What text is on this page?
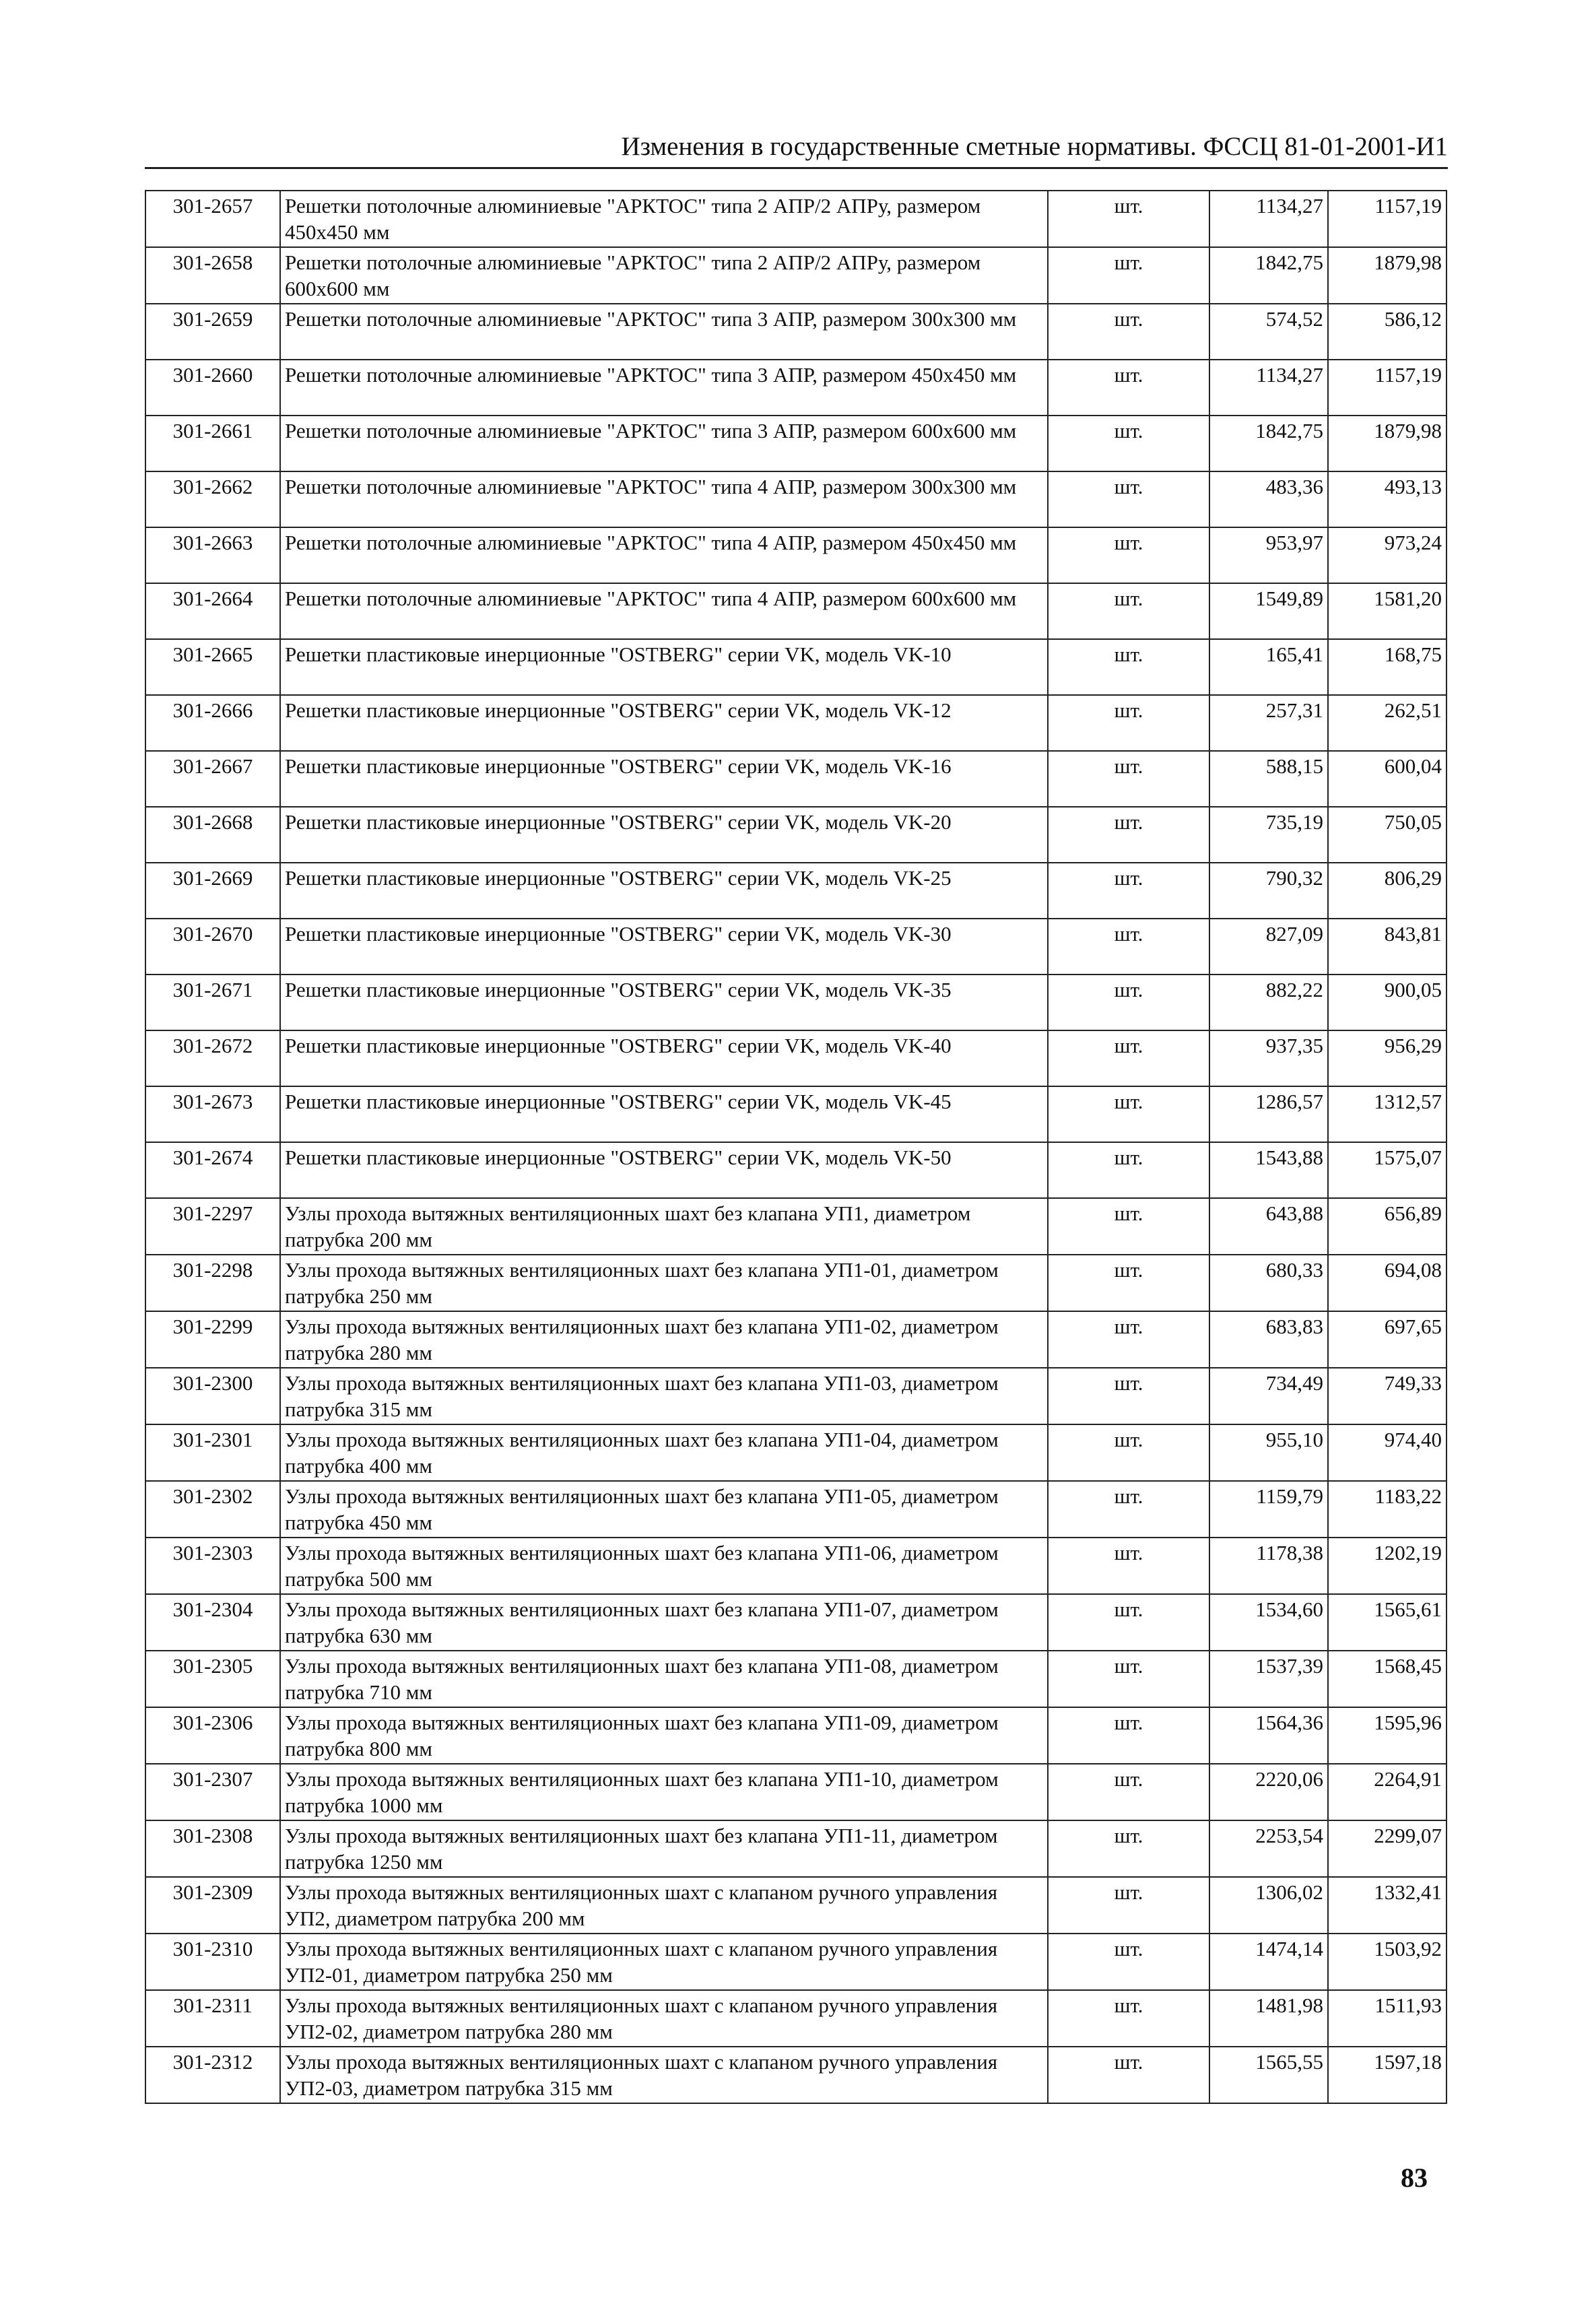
Изменения в государственные сметные нормативы. ФССЦ 81-01-2001-И1
301-2657	Решетки потолочные алюминиевые "АРКТОС" типа 2 АПР/2 АПРу, размером 450х450 мм	шт.	1134,27	1157,19
301-2658	Решетки потолочные алюминиевые "АРКТОС" типа 2 АПР/2 АПРу, размером 600х600 мм	шт.	1842,75	1879,98
301-2659	Решетки потолочные алюминиевые "АРКТОС" типа 3 АПР, размером 300х300 мм	шт.	574,52	586,12
301-2660	Решетки потолочные алюминиевые "АРКТОС" типа 3 АПР, размером 450х450 мм	шт.	1134,27	1157,19
301-2661	Решетки потолочные алюминиевые "АРКТОС" типа 3 АПР, размером 600х600 мм	шт.	1842,75	1879,98
301-2662	Решетки потолочные алюминиевые "АРКТОС" типа 4 АПР, размером 300х300 мм	шт.	483,36	493,13
301-2663	Решетки потолочные алюминиевые "АРКТОС" типа 4 АПР, размером 450х450 мм	шт.	953,97	973,24
301-2664	Решетки потолочные алюминиевые "АРКТОС" типа 4 АПР, размером 600х600 мм	шт.	1549,89	1581,20
301-2665	Решетки пластиковые инерционные "OSTBERG" серии VK, модель VK-10	шт.	165,41	168,75
301-2666	Решетки пластиковые инерционные "OSTBERG" серии VK, модель VK-12	шт.	257,31	262,51
301-2667	Решетки пластиковые инерционные "OSTBERG" серии VK, модель VK-16	шт.	588,15	600,04
301-2668	Решетки пластиковые инерционные "OSTBERG" серии VK, модель VK-20	шт.	735,19	750,05
301-2669	Решетки пластиковые инерционные "OSTBERG" серии VK, модель VK-25	шт.	790,32	806,29
301-2670	Решетки пластиковые инерционные "OSTBERG" серии VK, модель VK-30	шт.	827,09	843,81
301-2671	Решетки пластиковые инерционные "OSTBERG" серии VK, модель VK-35	шт.	882,22	900,05
301-2672	Решетки пластиковые инерционные "OSTBERG" серии VK, модель VK-40	шт.	937,35	956,29
301-2673	Решетки пластиковые инерционные "OSTBERG" серии VK, модель VK-45	шт.	1286,57	1312,57
301-2674	Решетки пластиковые инерционные "OSTBERG" серии VK, модель VK-50	шт.	1543,88	1575,07
301-2297	Узлы прохода вытяжных вентиляционных шахт без клапана УП1, диаметром патрубка 200 мм	шт.	643,88	656,89
301-2298	Узлы прохода вытяжных вентиляционных шахт без клапана УП1-01, диаметром патрубка 250 мм	шт.	680,33	694,08
301-2299	Узлы прохода вытяжных вентиляционных шахт без клапана УП1-02, диаметром патрубка 280 мм	шт.	683,83	697,65
301-2300	Узлы прохода вытяжных вентиляционных шахт без клапана УП1-03, диаметром патрубка 315 мм	шт.	734,49	749,33
301-2301	Узлы прохода вытяжных вентиляционных шахт без клапана УП1-04, диаметром патрубка 400 мм	шт.	955,10	974,40
301-2302	Узлы прохода вытяжных вентиляционных шахт без клапана УП1-05, диаметром патрубка 450 мм	шт.	1159,79	1183,22
301-2303	Узлы прохода вытяжных вентиляционных шахт без клапана УП1-06, диаметром патрубка 500 мм	шт.	1178,38	1202,19
301-2304	Узлы прохода вытяжных вентиляционных шахт без клапана УП1-07, диаметром патрубка 630 мм	шт.	1534,60	1565,61
301-2305	Узлы прохода вытяжных вентиляционных шахт без клапана УП1-08, диаметром патрубка 710 мм	шт.	1537,39	1568,45
301-2306	Узлы прохода вытяжных вентиляционных шахт без клапана УП1-09, диаметром патрубка 800 мм	шт.	1564,36	1595,96
301-2307	Узлы прохода вытяжных вентиляционных шахт без клапана УП1-10, диаметром патрубка 1000 мм	шт.	2220,06	2264,91
301-2308	Узлы прохода вытяжных вентиляционных шахт без клапана УП1-11, диаметром патрубка 1250 мм	шт.	2253,54	2299,07
301-2309	Узлы прохода вытяжных вентиляционных шахт с клапаном ручного управления УП2, диаметром патрубка 200 мм	шт.	1306,02	1332,41
301-2310	Узлы прохода вытяжных вентиляционных шахт с клапаном ручного управления УП2-01, диаметром патрубка 250 мм	шт.	1474,14	1503,92
301-2311	Узлы прохода вытяжных вентиляционных шахт с клапаном ручного управления УП2-02, диаметром патрубка 280 мм	шт.	1481,98	1511,93
301-2312	Узлы прохода вытяжных вентиляционных шахт с клапаном ручного управления УП2-03, диаметром патрубка 315 мм	шт.	1565,55	1597,18
83
